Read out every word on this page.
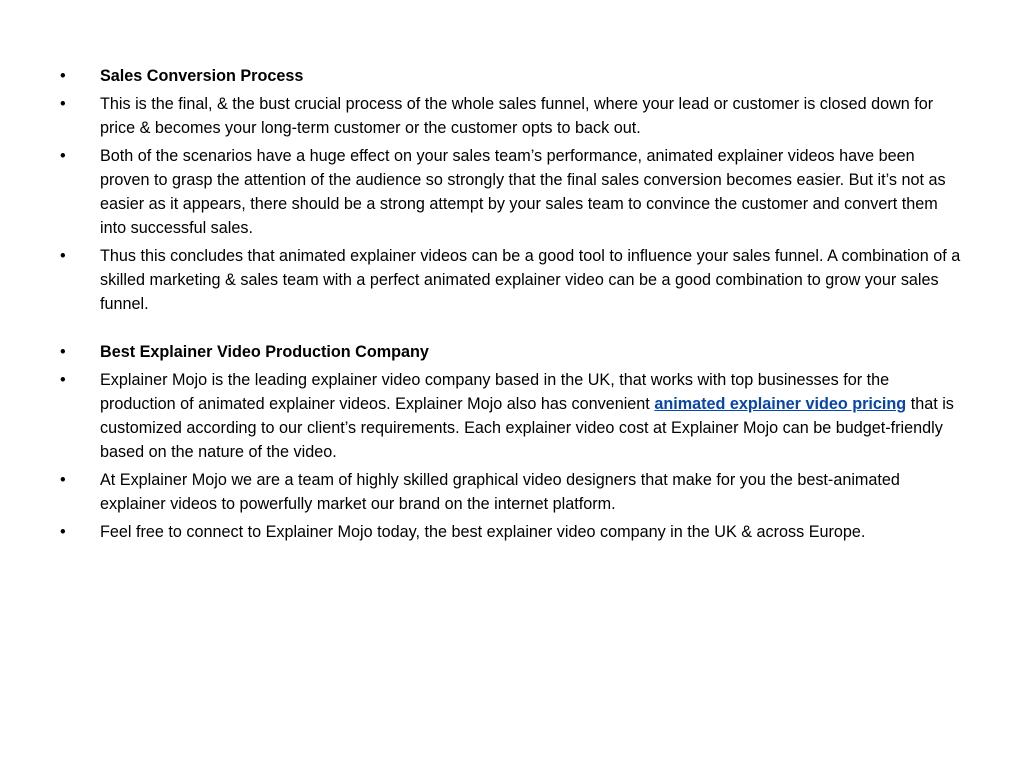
•	Sales Conversion Process
•	This is the final, & the bust crucial process of the whole sales funnel, where your lead or customer is closed down for price & becomes your long-term customer or the customer opts to back out.
•	Both of the scenarios have a huge effect on your sales team’s performance, animated explainer videos have been proven to grasp the attention of the audience so strongly that the final sales conversion becomes easier. But it’s not as easier as it appears, there should be a strong attempt by your sales team to convince the customer and convert them into successful sales.
•	Thus this concludes that animated explainer videos can be a good tool to influence your sales funnel. A combination of a skilled marketing & sales team with a perfect animated explainer video can be a good combination to grow your sales funnel.
•	Best Explainer Video Production Company
•	Explainer Mojo is the leading explainer video company based in the UK, that works with top businesses for the production of animated explainer videos. Explainer Mojo also has convenient animated explainer video pricing that is customized according to our client’s requirements. Each explainer video cost at Explainer Mojo can be budget-friendly based on the nature of the video.
•	At Explainer Mojo we are a team of highly skilled graphical video designers that make for you the best-animated explainer videos to powerfully market our brand on the internet platform.
•	Feel free to connect to Explainer Mojo today, the best explainer video company in the UK & across Europe.
